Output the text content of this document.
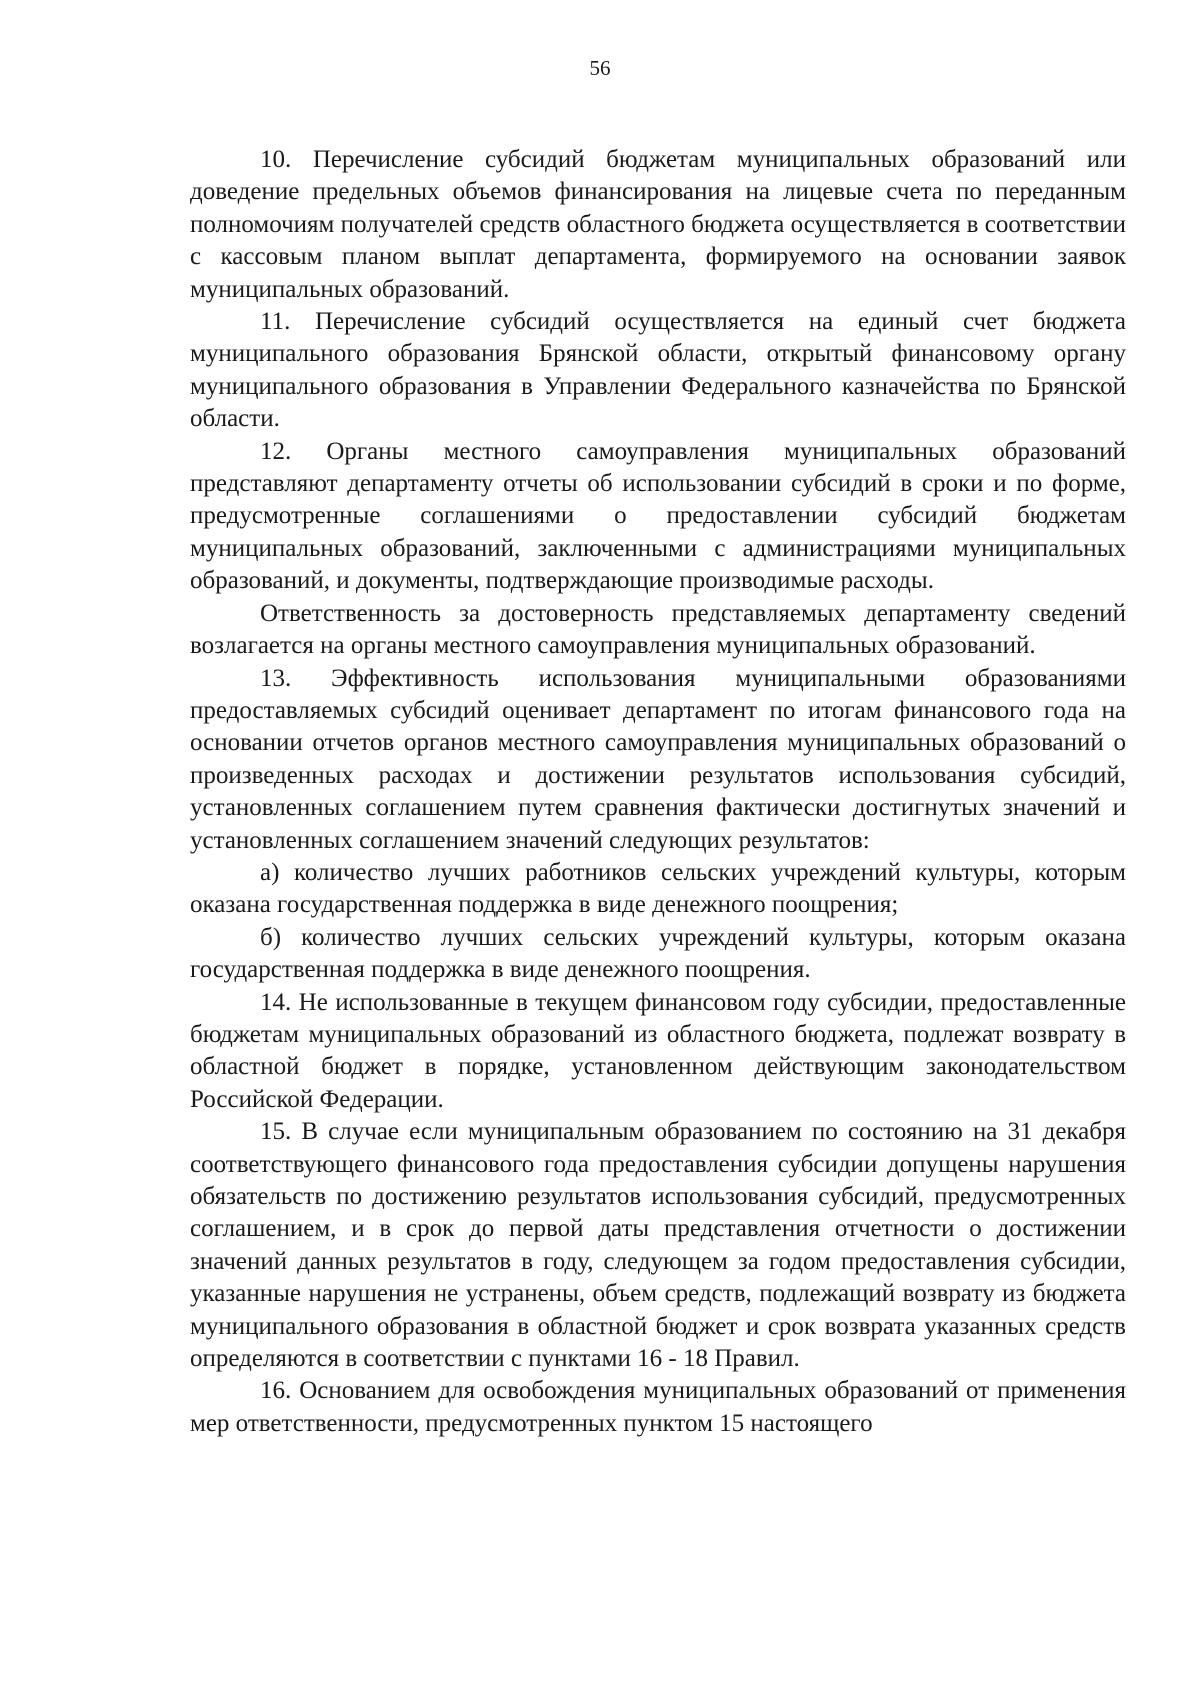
56

10. Перечисление субсидий бюджетам муниципальных образований или доведение предельных объемов финансирования на лицевые счета по переданным полномочиям получателей средств областного бюджета осуществляется в соответствии с кассовым планом выплат департамента, формируемого на основании заявок муниципальных образований.

11. Перечисление субсидий осуществляется на единый счет бюджета муниципального образования Брянской области, открытый финансовому органу муниципального образования в Управлении Федерального казначейства по Брянской области.

12. Органы местного самоуправления муниципальных образований представляют департаменту отчеты об использовании субсидий в сроки и по форме, предусмотренные соглашениями о предоставлении субсидий бюджетам муниципальных образований, заключенными с администрациями муниципальных образований, и документы, подтверждающие производимые расходы.

Ответственность за достоверность представляемых департаменту сведений возлагается на органы местного самоуправления муниципальных образований.

13. Эффективность использования муниципальными образованиями предоставляемых субсидий оценивает департамент по итогам финансового года на основании отчетов органов местного самоуправления муниципальных образований о произведенных расходах и достижении результатов использования субсидий, установленных соглашением путем сравнения фактически достигнутых значений и установленных соглашением значений следующих результатов:

а) количество лучших работников сельских учреждений культуры, которым оказана государственная поддержка в виде денежного поощрения;

б) количество лучших сельских учреждений культуры, которым оказана государственная поддержка в виде денежного поощрения.

14. Не использованные в текущем финансовом году субсидии, предоставленные бюджетам муниципальных образований из областного бюджета, подлежат возврату в областной бюджет в порядке, установленном действующим законодательством Российской Федерации.

15. В случае если муниципальным образованием по состоянию на 31 декабря соответствующего финансового года предоставления субсидии допущены нарушения обязательств по достижению результатов использования субсидий, предусмотренных соглашением, и в срок до первой даты представления отчетности о достижении значений данных результатов в году, следующем за годом предоставления субсидии, указанные нарушения не устранены, объем средств, подлежащий возврату из бюджета муниципального образования в областной бюджет и срок возврата указанных средств определяются в соответствии с пунктами 16 - 18 Правил.

16. Основанием для освобождения муниципальных образований от применения мер ответственности, предусмотренных пунктом 15 настоящего
